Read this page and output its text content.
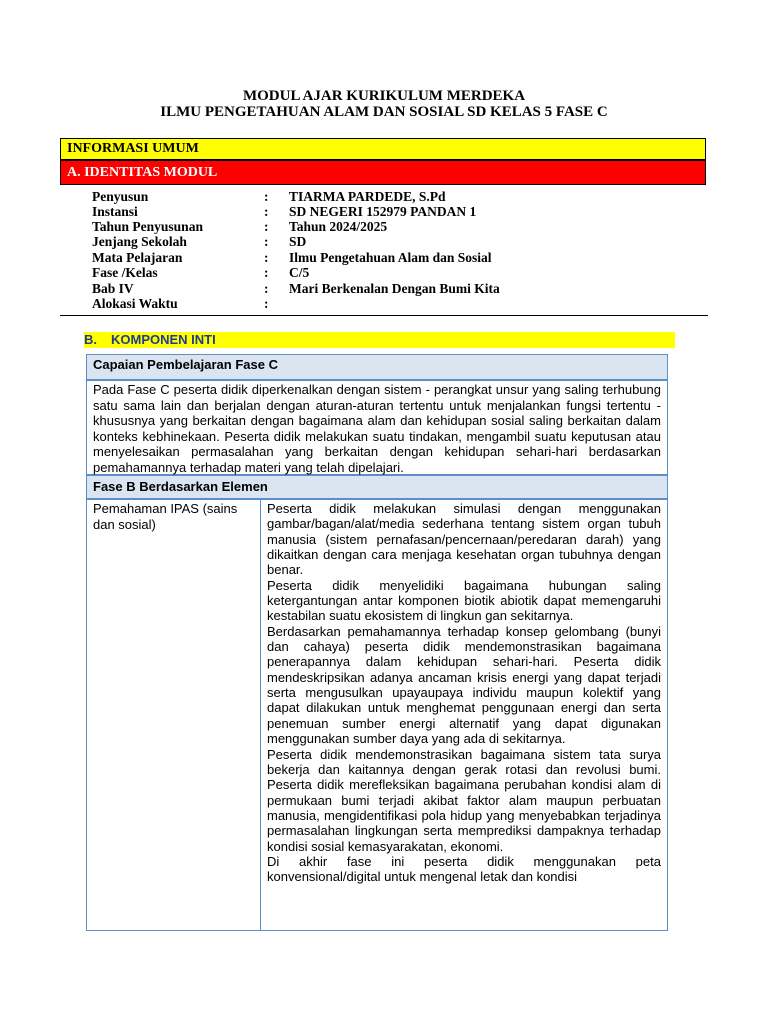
MODUL AJAR KURIKULUM MERDEKA
ILMU PENGETAHUAN ALAM DAN SOSIAL SD KELAS 5 FASE C
INFORMASI UMUM
A. IDENTITAS MODUL
Penyusun	: TIARMA PARDEDE, S.Pd
Instansi	: SD NEGERI 152979 PANDAN 1
Tahun Penyusunan	: Tahun 2024/2025
Jenjang Sekolah	: SD
Mata Pelajaran	: Ilmu Pengetahuan Alam dan Sosial
Fase /Kelas	: C/5
Bab IV	: Mari Berkenalan Dengan Bumi Kita
Alokasi Waktu	:
B. KOMPONEN INTI
Capaian Pembelajaran Fase C
Pada Fase C peserta didik diperkenalkan dengan sistem - perangkat unsur yang saling terhubung satu sama lain dan berjalan dengan aturan-aturan tertentu untuk menjalankan fungsi tertentu - khususnya yang berkaitan dengan bagaimana alam dan kehidupan sosial saling berkaitan dalam konteks kebhinekaan. Peserta didik melakukan suatu tindakan, mengambil suatu keputusan atau menyelesaikan permasalahan yang berkaitan dengan kehidupan sehari-hari berdasarkan pemahamannya terhadap materi yang telah dipelajari.
Fase B Berdasarkan Elemen
Pemahaman IPAS (sains dan sosial)

Peserta didik melakukan simulasi dengan menggunakan gambar/bagan/alat/media sederhana tentang sistem organ tubuh manusia (sistem pernafasan/pencernaan/peredaran darah) yang dikaitkan dengan cara menjaga kesehatan organ tubuhnya dengan benar.

Peserta didik menyelidiki bagaimana hubungan saling ketergantungan antar komponen biotik abiotik dapat memengaruhi kestabilan suatu ekosistem di lingkun gan sekitarnya.

Berdasarkan pemahamannya terhadap konsep gelombang (bunyi dan cahaya) peserta didik mendemonstrasikan bagaimana penerapannya dalam kehidupan sehari-hari. Peserta didik mendeskripsikan adanya ancaman krisis energi yang dapat terjadi serta mengusulkan upayaupaya individu maupun kolektif yang dapat dilakukan untuk menghemat penggunaan energi dan serta penemuan sumber energi alternatif yang dapat digunakan menggunakan sumber daya yang ada di sekitarnya.

Peserta didik mendemonstrasikan bagaimana sistem tata surya bekerja dan kaitannya dengan gerak rotasi dan revolusi bumi. Peserta didik merefleksikan bagaimana perubahan kondisi alam di permukaan bumi terjadi akibat faktor alam maupun perbuatan manusia, mengidentifikasi pola hidup yang menyebabkan terjadinya permasalahan lingkungan serta memprediksi dampaknya terhadap kondisi sosial kemasyarakatan, ekonomi.

Di akhir fase ini peserta didik menggunakan peta konvensional/digital untuk mengenal letak dan kondisi
